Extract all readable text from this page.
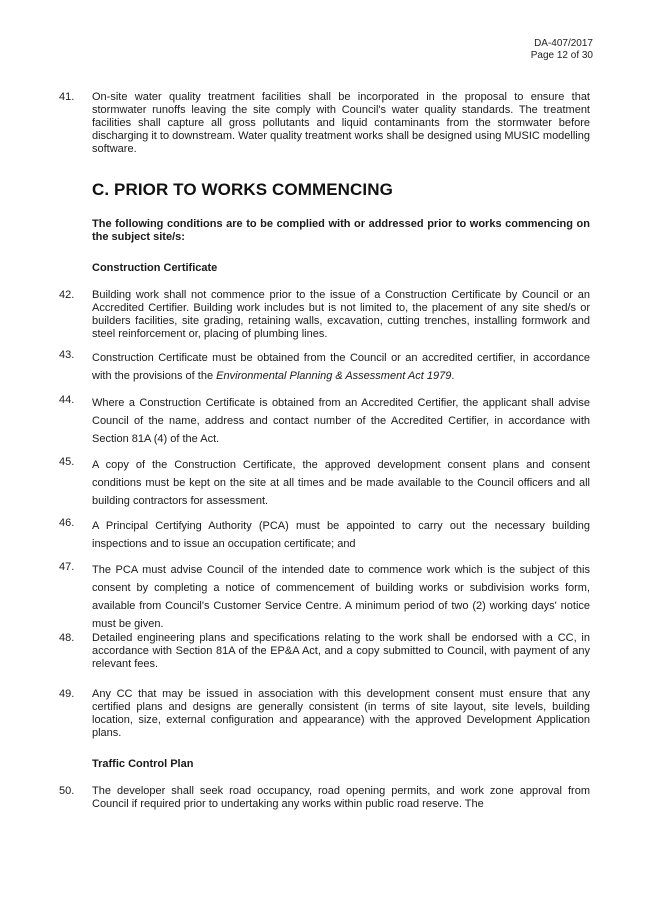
DA-407/2017
Page 12 of 30
41.	On-site water quality treatment facilities shall be incorporated in the proposal to ensure that stormwater runoffs leaving the site comply with Council's water quality standards. The treatment facilities shall capture all gross pollutants and liquid contaminants from the stormwater before discharging it to downstream. Water quality treatment works shall be designed using MUSIC modelling software.
C. PRIOR TO WORKS COMMENCING
The following conditions are to be complied with or addressed prior to works commencing on the subject site/s:
Construction Certificate
42.	Building work shall not commence prior to the issue of a Construction Certificate by Council or an Accredited Certifier. Building work includes but is not limited to, the placement of any site shed/s or builders facilities, site grading, retaining walls, excavation, cutting trenches, installing formwork and steel reinforcement or, placing of plumbing lines.
43.	Construction Certificate must be obtained from the Council or an accredited certifier, in accordance with the provisions of the Environmental Planning & Assessment Act 1979.
44.	Where a Construction Certificate is obtained from an Accredited Certifier, the applicant shall advise Council of the name, address and contact number of the Accredited Certifier, in accordance with Section 81A (4) of the Act.
45.	A copy of the Construction Certificate, the approved development consent plans and consent conditions must be kept on the site at all times and be made available to the Council officers and all building contractors for assessment.
46.	A Principal Certifying Authority (PCA) must be appointed to carry out the necessary building inspections and to issue an occupation certificate; and
47.	The PCA must advise Council of the intended date to commence work which is the subject of this consent by completing a notice of commencement of building works or subdivision works form, available from Council's Customer Service Centre. A minimum period of two (2) working days' notice must be given.
48.	Detailed engineering plans and specifications relating to the work shall be endorsed with a CC, in accordance with Section 81A of the EP&A Act, and a copy submitted to Council, with payment of any relevant fees.
49.	Any CC that may be issued in association with this development consent must ensure that any certified plans and designs are generally consistent (in terms of site layout, site levels, building location, size, external configuration and appearance) with the approved Development Application plans.
Traffic Control Plan
50.	The developer shall seek road occupancy, road opening permits, and work zone approval from Council if required prior to undertaking any works within public road reserve. The
